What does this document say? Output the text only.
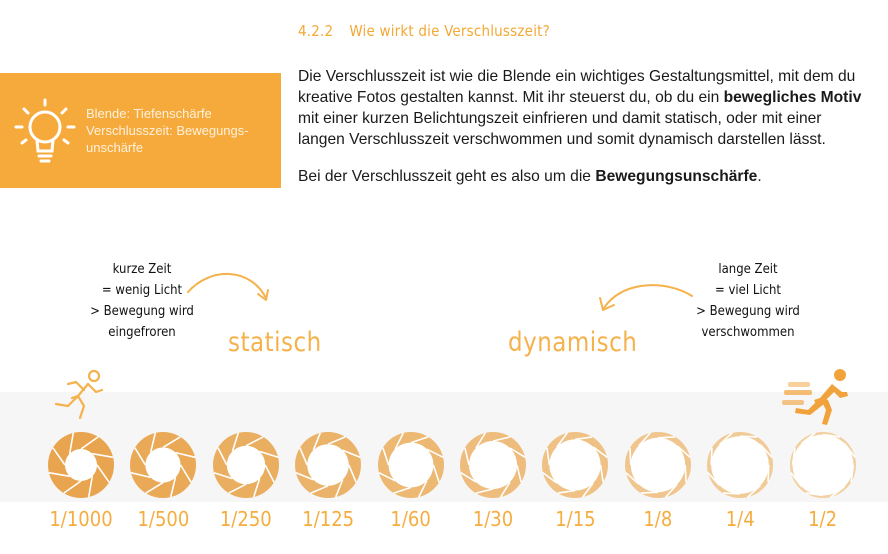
4.2.2 Wie wirkt die Verschlusszeit?
Blende: Tiefenschärfe
Verschlusszeit: Bewegungs-
unschärfe

Die Verschlusszeit ist wie die Blende ein wichtiges Gestaltungsmittel, mit dem du kreative Fotos gestalten kannst. Mit ihr steuerst du, ob du ein bewegliches Motiv mit einer kurzen Belichtungszeit einfrieren und damit statisch, oder mit einer langen Verschlusszeit verschwommen und somit dynamisch darstellen lässt.

Bei der Verschlusszeit geht es also um die Bewegungsunschärfe.

kurze Zeit
= wenig Licht
> Bewegung wird
eingefroren
lange Zeit
= viel Licht
> Bewegung wird
verschwommen
statisch	dynamisch
1/1000	1/500	1/250	1/125	1/60	1/30	1/15	1/8	1/4	1/2
